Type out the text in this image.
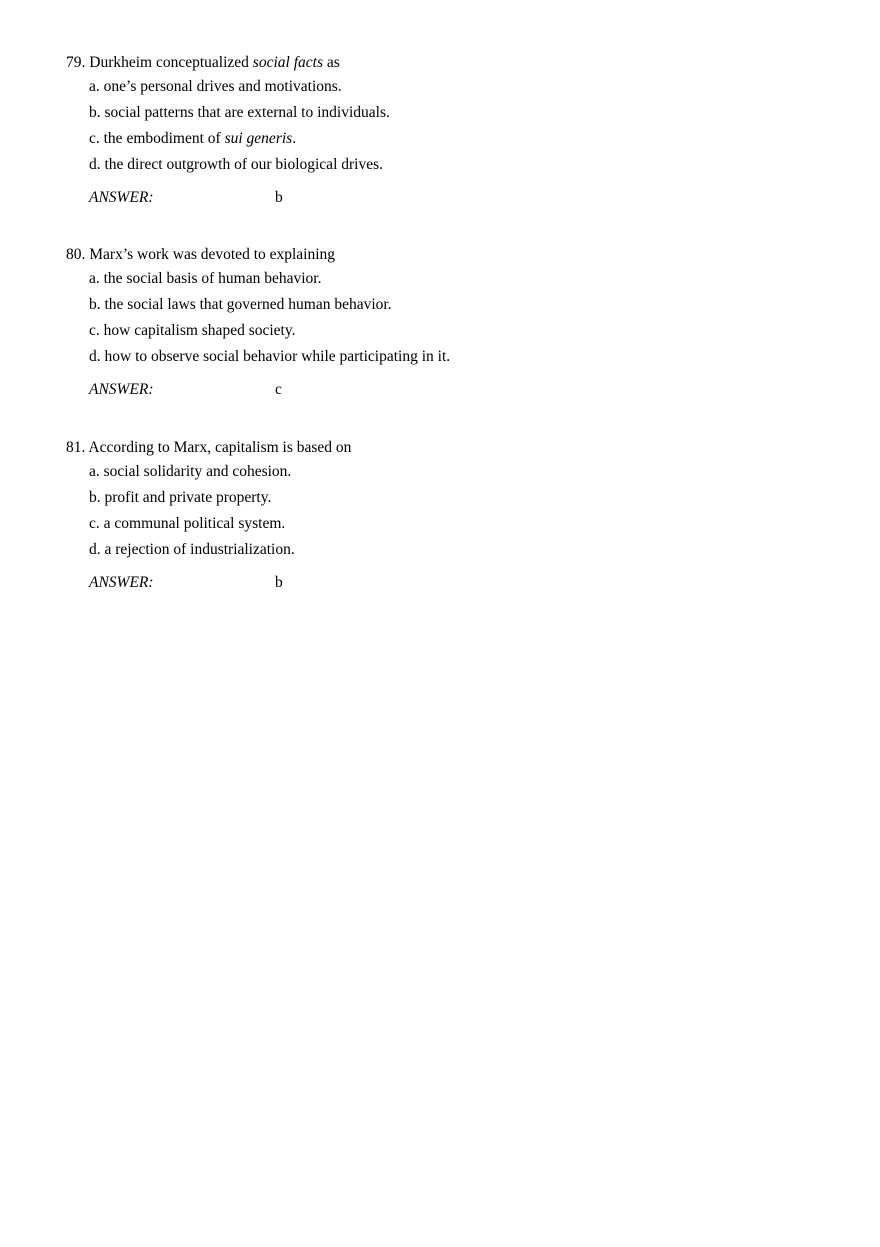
79. Durkheim conceptualized social facts as
a. one’s personal drives and motivations.
b. social patterns that are external to individuals.
c. the embodiment of sui generis.
d. the direct outgrowth of our biological drives.
ANSWER:	b
80. Marx’s work was devoted to explaining
a. the social basis of human behavior.
b. the social laws that governed human behavior.
c. how capitalism shaped society.
d. how to observe social behavior while participating in it.
ANSWER:	c
81. According to Marx, capitalism is based on
a. social solidarity and cohesion.
b. profit and private property.
c. a communal political system.
d. a rejection of industrialization.
ANSWER:	b
